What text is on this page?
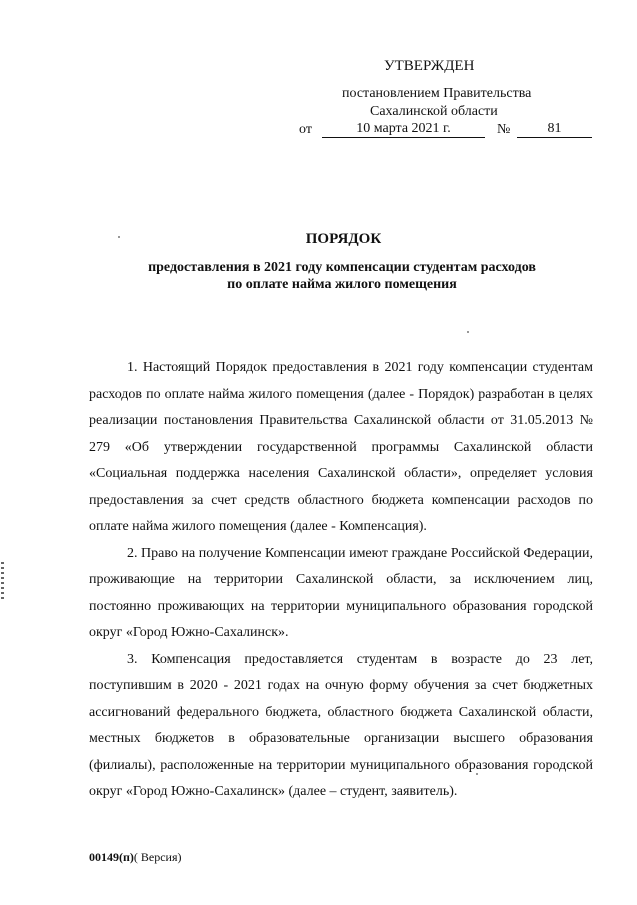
УТВЕРЖДЕН
постановлением Правительства
Сахалинской области
от	10 марта 2021 г.	№	81
ПОРЯДОК
предоставления в 2021 году компенсации студентам расходов по оплате найма жилого помещения

1. Настоящий Порядок предоставления в 2021 году компенсации студентам расходов по оплате найма жилого помещения (далее - Порядок) разработан в целях реализации постановления Правительства Сахалинской области от 31.05.2013 № 279 «Об утверждении государственной программы Сахалинской области «Социальная поддержка населения Сахалинской области», определяет условия предоставления за счет средств областного бюджета компенсации расходов по оплате найма жилого помещения (далее - Компенсация).

2. Право на получение Компенсации имеют граждане Российской Федерации, проживающие на территории Сахалинской области, за исключением лиц, постоянно проживающих на территории муниципального образования городской округ «Город Южно-Сахалинск».

3. Компенсация предоставляется студентам в возрасте до 23 лет, поступившим в 2020 - 2021 годах на очную форму обучения за счет бюджетных ассигнований федерального бюджета, областного бюджета Сахалинской области, местных бюджетов в образовательные организации высшего образования (филиалы), расположенные на территории муниципального образования городской округ «Город Южно-Сахалинск» (далее – студент, заявитель).

00149(п)( Версия)
